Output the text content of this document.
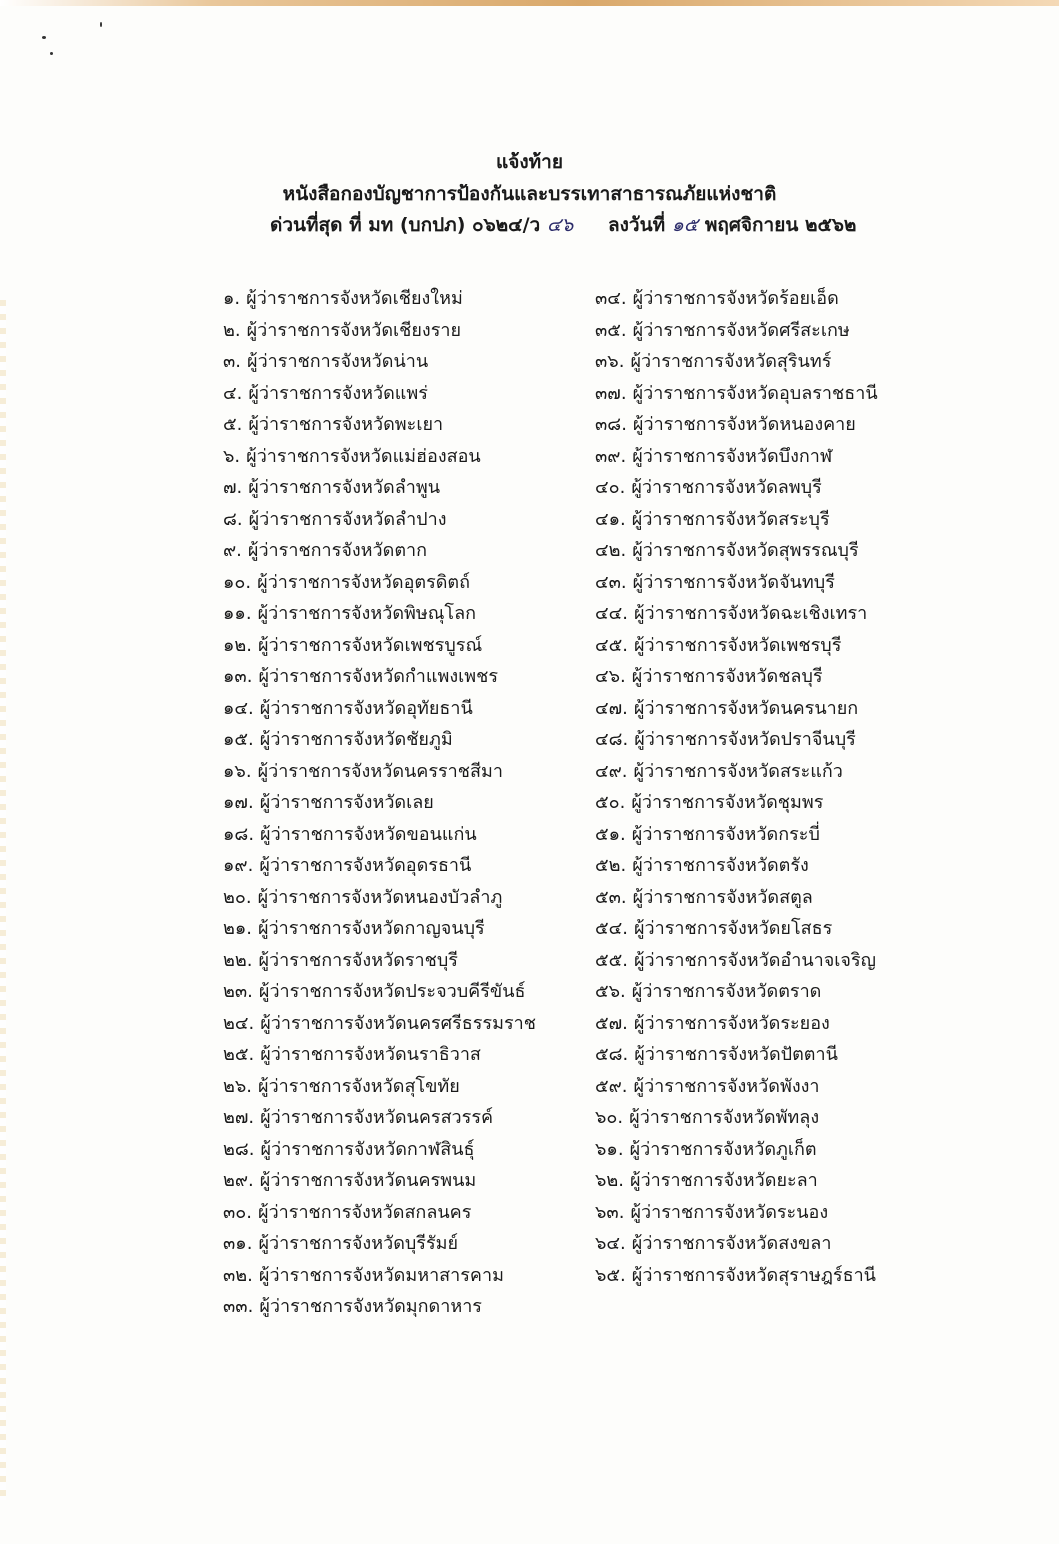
แจ้งท้าย
หนังสือกองบัญชาการป้องกันและบรรเทาสาธารณภัยแห่งชาติ
ด่วนที่สุด ที่ มท (บกปภ) ๐๖๒๔/ว ๔๖ ลงวันที่ ๑๕ พฤศจิกายน ๒๕๖๒
๑. ผู้ว่าราชการจังหวัดเชียงใหม่
๒. ผู้ว่าราชการจังหวัดเชียงราย
๓. ผู้ว่าราชการจังหวัดน่าน
๔. ผู้ว่าราชการจังหวัดแพร่
๕. ผู้ว่าราชการจังหวัดพะเยา
๖. ผู้ว่าราชการจังหวัดแม่ฮ่องสอน
๗. ผู้ว่าราชการจังหวัดลำพูน
๘. ผู้ว่าราชการจังหวัดลำปาง
๙. ผู้ว่าราชการจังหวัดตาก
๑๐. ผู้ว่าราชการจังหวัดอุตรดิตถ์
๑๑. ผู้ว่าราชการจังหวัดพิษณุโลก
๑๒. ผู้ว่าราชการจังหวัดเพชรบูรณ์
๑๓. ผู้ว่าราชการจังหวัดกำแพงเพชร
๑๔. ผู้ว่าราชการจังหวัดอุทัยธานี
๑๕. ผู้ว่าราชการจังหวัดชัยภูมิ
๑๖. ผู้ว่าราชการจังหวัดนครราชสีมา
๑๗. ผู้ว่าราชการจังหวัดเลย
๑๘. ผู้ว่าราชการจังหวัดขอนแก่น
๑๙. ผู้ว่าราชการจังหวัดอุดรธานี
๒๐. ผู้ว่าราชการจังหวัดหนองบัวลำภู
๒๑. ผู้ว่าราชการจังหวัดกาญจนบุรี
๒๒. ผู้ว่าราชการจังหวัดราชบุรี
๒๓. ผู้ว่าราชการจังหวัดประจวบคีรีขันธ์
๒๔. ผู้ว่าราชการจังหวัดนครศรีธรรมราช
๒๕. ผู้ว่าราชการจังหวัดนราธิวาส
๒๖. ผู้ว่าราชการจังหวัดสุโขทัย
๒๗. ผู้ว่าราชการจังหวัดนครสวรรค์
๒๘. ผู้ว่าราชการจังหวัดกาฬสินธุ์
๒๙. ผู้ว่าราชการจังหวัดนครพนม
๓๐. ผู้ว่าราชการจังหวัดสกลนคร
๓๑. ผู้ว่าราชการจังหวัดบุรีรัมย์
๓๒. ผู้ว่าราชการจังหวัดมหาสารคาม
๓๓. ผู้ว่าราชการจังหวัดมุกดาหาร
๓๔. ผู้ว่าราชการจังหวัดร้อยเอ็ด
๓๕. ผู้ว่าราชการจังหวัดศรีสะเกษ
๓๖. ผู้ว่าราชการจังหวัดสุรินทร์
๓๗. ผู้ว่าราชการจังหวัดอุบลราชธานี
๓๘. ผู้ว่าราชการจังหวัดหนองคาย
๓๙. ผู้ว่าราชการจังหวัดบึงกาฬ
๔๐. ผู้ว่าราชการจังหวัดลพบุรี
๔๑. ผู้ว่าราชการจังหวัดสระบุรี
๔๒. ผู้ว่าราชการจังหวัดสุพรรณบุรี
๔๓. ผู้ว่าราชการจังหวัดจันทบุรี
๔๔. ผู้ว่าราชการจังหวัดฉะเชิงเทรา
๔๕. ผู้ว่าราชการจังหวัดเพชรบุรี
๔๖. ผู้ว่าราชการจังหวัดชลบุรี
๔๗. ผู้ว่าราชการจังหวัดนครนายก
๔๘. ผู้ว่าราชการจังหวัดปราจีนบุรี
๔๙. ผู้ว่าราชการจังหวัดสระแก้ว
๕๐. ผู้ว่าราชการจังหวัดชุมพร
๕๑. ผู้ว่าราชการจังหวัดกระบี่
๕๒. ผู้ว่าราชการจังหวัดตรัง
๕๓. ผู้ว่าราชการจังหวัดสตูล
๕๔. ผู้ว่าราชการจังหวัดยโสธร
๕๕. ผู้ว่าราชการจังหวัดอำนาจเจริญ
๕๖. ผู้ว่าราชการจังหวัดตราด
๕๗. ผู้ว่าราชการจังหวัดระยอง
๕๘. ผู้ว่าราชการจังหวัดปัตตานี
๕๙. ผู้ว่าราชการจังหวัดพังงา
๖๐. ผู้ว่าราชการจังหวัดพัทลุง
๖๑. ผู้ว่าราชการจังหวัดภูเก็ต
๖๒. ผู้ว่าราชการจังหวัดยะลา
๖๓. ผู้ว่าราชการจังหวัดระนอง
๖๔. ผู้ว่าราชการจังหวัดสงขลา
๖๕. ผู้ว่าราชการจังหวัดสุราษฎร์ธานี
